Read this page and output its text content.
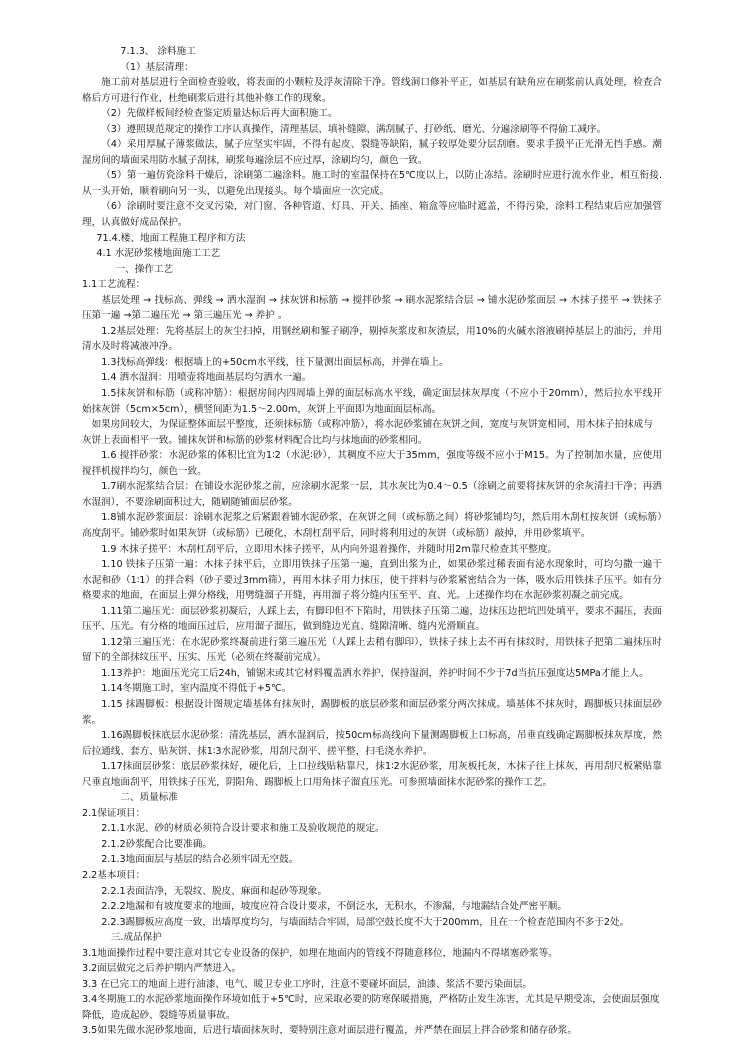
7.1.3、 涂料施工

（1）基层清理：

施工前对基层进行全面检查验收，将表面的小颗粒及浮灰清除干净。管线洞口修补平正，如基层有缺角应在刷浆前认真处理，检查合格后方可进行作业，杜绝刷浆后进行其他补修工作的现象。

（2）先做样板间经检查鉴定质量达标后再大面积施工。

（3）遵照规范规定的操作工序认真操作，清理基层、填补缝隙、满刮腻子、打砂纸、磨光、分遍涂刷等不得偷工减序。

（4）采用厚腻子薄浆做法，腻子应坚实牢固，不得有起皮、裂缝等缺陷，腻子较厚处要分层刮磨。要求手摸平正光滑无挡手感。潮湿房间的墙面采用防水腻子刮抹，刷浆每遍涂层不应过厚，涂刷均匀，颜色一致。

（5）第一遍仿瓷涂料干燥后，涂刷第二遍涂料。施工时的室温保持在5℃度以上，以防止冻结。涂刷时应进行流水作业，相互衔接.从一头开始，顺着刷向另一头，以避免出现接头。每个墙面应一次完成。

（6）涂刷时要注意不交叉污染，对门窗、各种管道、灯具、开关、插座、箱盒等应临时遮盖，不得污染，涂料工程结束后应加强管理，认真做好成品保护。

71.4.楼、地面工程施工程序和方法

4.1 水泥砂浆楼地面施工工艺

一、操作工艺

1.1工艺流程：

基层处理 → 找标高、弹线 → 洒水湿润 → 抹灰饼和标筋 → 搅拌砂浆 → 刷水泥浆结合层 → 铺水泥砂浆面层 → 木抹子搓平 → 铁抹子压第一遍 →第二遍压光 → 第三遍压光 → 养护 。

1.2基层处理：先将基层上的灰尘扫掉，用钢丝刷和錾子刷净，剔掉灰浆皮和灰渣层，用10%的火碱水溶液刷掉基层上的油污，并用清水及时将减液冲净。

1.3找标高弹线：根据墙上的+50cm水平线，往下量测出面层标高，并弹在墙上。

1.4 洒水湿润：用喷壶将地面基层均匀洒水一遍。

1.5抹灰饼和标筋（或称冲筋）：根据房间内四周墙上弹的面层标高水平线，确定面层抹灰厚度（不应小于20mm），然后拉水平线开始抹灰饼（5cm×5cm），横竖间距为1.5～2.00m，灰饼上平面即为地面面层标高。

　如果房间较大，为保证整体面层平整度，还须抹标筋（或称冲筋），将水泥砂浆铺在灰饼之间，宽度与灰饼宽相同，用木抹子拍抹成与灰饼上表面相平一致。铺抹灰饼和标筋的砂浆材料配合比均与抹地面的砂浆相同。

1.6 搅拌砂浆：水泥砂浆的体积比宜为1∶2（水泥∶砂），其稠度不应大于35mm，强度等级不应小于M15。为了控制加水量，应使用搅拌机搅拌均匀，颜色一致。

1.7刷水泥浆结合层：在铺设水泥砂浆之前，应涂刷水泥浆一层，其水灰比为0.4～0.5（涂刷之前要将抹灰饼的余灰清扫干净；再洒水湿润），不要涂刷面积过大，随刷随铺面层砂浆。

1.8铺水泥砂浆面层：涂刷水泥浆之后紧跟着铺水泥砂浆，在灰饼之间（或标筋之间）将砂浆铺均匀，然后用木刮杠按灰饼（或标筋）高度刮平。铺砂浆时如果灰饼（或标筋）已硬化，木刮杠刮平后，同时将利用过的灰饼（或标筋）敲掉，并用砂浆填平。

1.9 木抹子搓平：木刮杠刮平后，立即用木抹子搓平，从内向外退着操作，并随时用2m靠尺检查其平整度。

1.10 铁抹子压第一遍：木抹子抹平后，立即用铁抹子压第一遍，直到出浆为止，如果砂浆过稀表面有泌水现象时，可均匀撒一遍干水泥和砂（1∶1）的拌合料（砂子要过3mm筛），再用木抹子用力抹压，使干拌料与砂浆紧密结合为一体，吸水后用铁抹子压平。如有分格要求的地面，在面层上弹分格线，用劈缝溜子开缝，再用溜子将分缝内压至平、直、光。上述操作均在水泥砂浆初凝之前完成。

1.11第二遍压光：面层砂浆初凝后，人踩上去，有脚印但不下陷时，用铁抹子压第二遍，边抹压边把坑凹处填平，要求不漏压，表面压平、压光。有分格的地面压过后，应用溜子溜压，做到缝边光直、缝隙清晰、缝内光滑顺直。

1.12第三遍压光：在水泥砂浆终凝前进行第三遍压光（人踩上去稍有脚印），铁抹子抹上去不再有抹纹时，用铁抹子把第二遍抹压时留下的全部抹纹压平、压实、压光（必须在终凝前完成）。

1.13养护：地面压光完工后24h，铺锯末或其它材料覆盖洒水养护，保持湿润，养护时间不少于7d当抗压强度达5MPa才能上人。

1.14冬期施工时，室内温度不得低于+5℃。

1.15 抹踢脚板：根据设计图规定墙基体有抹灰时，踢脚板的底层砂浆和面层砂浆分两次抹成。墙基体不抹灰时，踢脚板只抹面层砂浆。

1.16踢脚板抹底层水泥砂浆：清洗基层，洒水湿润后，按50cm标高线向下量测踢脚板上口标高，吊垂直线确定踢脚板抹灰厚度，然后拉通线、套方、贴灰饼、抹1∶3水泥砂浆，用刮尺刮平、搓平整，扫毛浇水养护。

1.17抹面层砂浆：底层砂浆抹好，硬化后，上口拉线贴粘靠尺，抹1∶2水泥砂浆，用灰板托灰，木抹子往上抹灰，再用刮尺板紧贴靠尺垂直地面刮平，用铁抹子压光，阴阳角、踢脚板上口用角抹子溜直压光。可参照墙面抹水泥砂浆的操作工艺。

二、质量标准

2.1保证项目：

2.1.1水泥、砂的材质必须符合设计要求和施工及验收规范的规定。

2.1.2砂浆配合比要准确。

2.1.3地面面层与基层的结合必须牢固无空鼓。

2.2基本项目：

2.2.1表面洁净，无裂纹、脱皮、麻面和起砂等现象。

2.2.2地漏和有坡度要求的地面，坡度应符合设计要求，不倒泛水，无积水，不渗漏，与地漏结合处严密平顺。

2.2.3踢脚板应高度一致，出墙厚度均匀，与墙面结合牢固，局部空鼓长度不大于200mm，且在一个检查范围内不多于2处。

三.成品保护

3.1地面操作过程中要注意对其它专业设备的保护，如埋在地面内的管线不得随意移位，地漏内不得堵塞砂浆等。

3.2面层做完之后养护期内严禁进入。

3.3 在已完工的地面上进行油漆、电气、暖卫专业工序时，注意不要碰坏面层，油漆、浆活不要污染面层。

3.4冬期施工的水泥砂浆地面操作环境如低于+5℃时，应采取必要的防寒保暖措施，严格防止发生冻害，尤其是早期受冻，会使面层强度降低，造成起砂、裂缝等质量事故。

3.5如果先做水泥砂浆地面，后进行墙面抹灰时，要特别注意对面层进行覆盖，并严禁在面层上拌合砂浆和储存砂浆。
